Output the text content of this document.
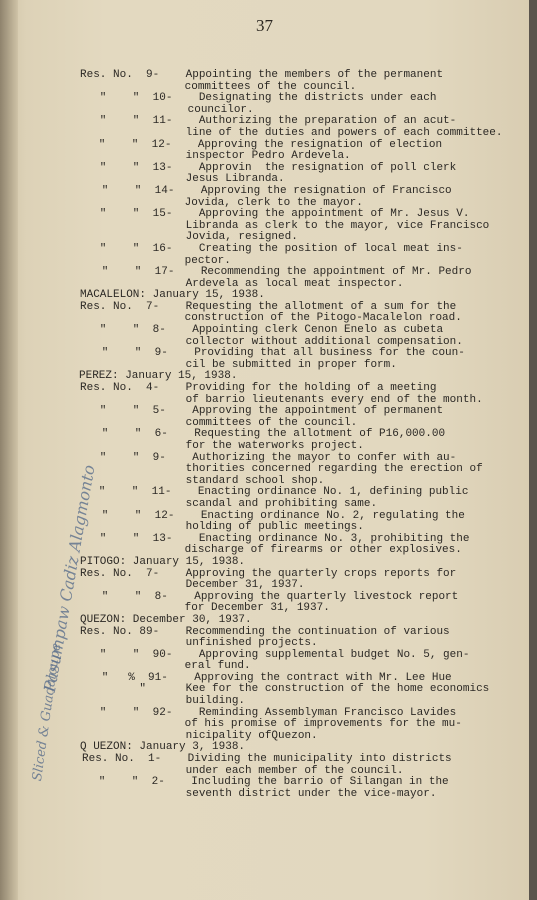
37
Res. No.  9-    Appointing the members of the permanent
committees of the council.
"    "  10-    Designating the districts under each
councilor.
"    "  11-    Authorizing the preparation of an acut-
line of the duties and powers of each committee.
"    "  12-    Approving the resignation of election
inspector Pedro Ardevela.
"    "  13-    Approvin  the resignation of poll clerk
Jesus Libranda.
"    "  14-    Approving the resignation of Francisco
Jovida, clerk to the mayor.
"    "  15-    Approving the appointment of Mr. Jesus V.
Libranda as clerk to the mayor, vice Francisco
Jovida, resigned.
"    "  16-    Creating the position of local meat ins-
pector.
"    "  17-    Recommending the appointment of Mr. Pedro
Ardevela as local meat inspector.
MACALELON: January 15, 1938.
Res. No.  7-    Requesting the allotment of a sum for the
construction of the Pitogo-Macalelon road.
"    "  8-    Appointing clerk Cenon Enelo as cubeta
collector without additional compensation.
"    "  9-    Providing that all business for the coun-
cil be submitted in proper form.
PEREZ: January 15, 1938.
Res. No.  4-    Providing for the holding of a meeting
of barrio lieutenants every end of the month.
"    "  5-    Approving the appointment of permanent
committees of the council.
"    "  6-    Requesting the allotment of P16,000.00
for the waterworks project.
"    "  9-    Authorizing the mayor to confer with au-
thorities concerned regarding the erection of
standard school shop.
"    "  11-    Enacting ordinance No. 1, defining public
scandal and prohibiting same.
"    "  12-    Enacting ordinance No. 2, regulating the
holding of public meetings.
"    "  13-    Enacting ordinance No. 3, prohibiting the
discharge of firearms or other explosives.
PITOGO: January 15, 1938.
Res. No.  7-    Approving the quarterly crops reports for
December 31, 1937.
"    "  8-    Approving the quarterly livestock report
for December 31, 1937.
QUEZON: December 30, 1937.
Res. No. 89-    Recommending the continuation of various
unfinished projects.
"    "  90-    Approving supplemental budget No. 5, gen-
eral fund.
"   %  91-    Approving the contract with Mr. Lee Hue
"      Kee for the construction of the home economics
building.
"    "  92-    Reminding Assemblyman Francisco Lavides
of his promise of improvements for the mu-
nicipality ofQuezon.
Q UEZON: January 3, 1938.
Res. No.  1-    Dividing the municipality into districts
under each member of the council.
"    "  2-    Including the barrio of Silangan in the
seventh district under the vice-mayor.
Pasumpaw Cadiz Alagmonto
Sliced & Guadaloupe
